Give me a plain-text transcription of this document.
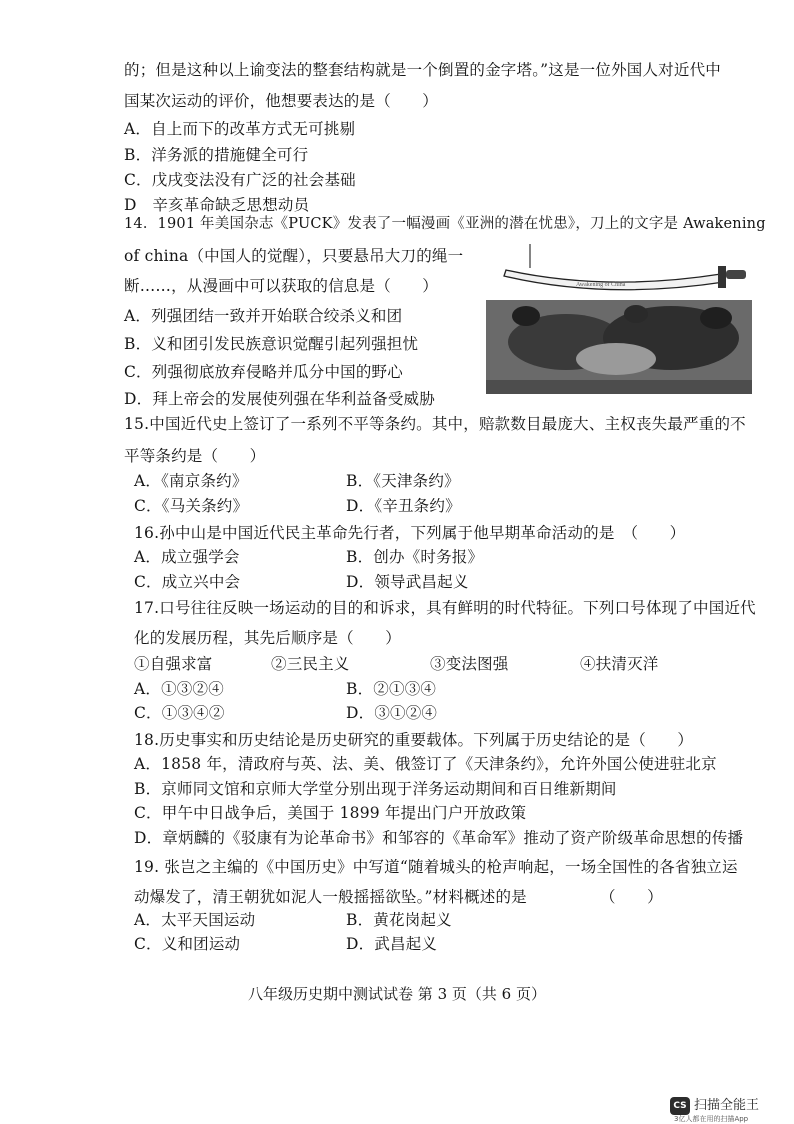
的；但是这种以上谕变法的整套结构就是一个倒置的金字塔。”这是一位外国人对近代中
国某次运动的评价，他想要表达的是（　　）
A．自上而下的改革方式无可挑剔
B．洋务派的措施健全可行
C．戊戌变法没有广泛的社会基础
D　辛亥革命缺乏思想动员
14．1901 年美国杂志《PUCK》发表了一幅漫画《亚洲的潜在忧患》，刀上的文字是 Awakening
of china（中国人的觉醒），只要悬吊大刀的绳一
断……，从漫画中可以获取的信息是（　　）
A．列强团结一致并开始联合绞杀义和团
B．义和团引发民族意识觉醒引起列强担忧
C．列强彻底放弃侵略并瓜分中国的野心
D．拜上帝会的发展使列强在华利益备受威胁
Awakening of China
15.中国近代史上签订了一系列不平等条约。其中，赔款数目最庞大、主权丧失最严重的不
平等条约是（　　）
A．《南京条约》	B．《天津条约》
C．《马关条约》	D．《辛丑条约》
16.孙中山是中国近代民主革命先行者，下列属于他早期革命活动的是　（　　）
A．成立强学会	B．创办《时务报》
C．成立兴中会	D．领导武昌起义
17.口号往往反映一场运动的目的和诉求，具有鲜明的时代特征。下列口号体现了中国近代
化的发展历程，其先后顺序是（　　）
①自强求富	②三民主义	③变法图强	④扶清灭洋
A．①③②④	B．②①③④
C．①③④②	D．③①②④
18.历史事实和历史结论是历史研究的重要载体。下列属于历史结论的是（　　）
A．1858 年，清政府与英、法、美、俄签订了《天津条约》，允许外国公使进驻北京
B．京师同文馆和京师大学堂分别出现于洋务运动期间和百日维新期间
C．甲午中日战争后，美国于 1899 年提出门户开放政策
D．章炳麟的《驳康有为论革命书》和邹容的《革命军》推动了资产阶级革命思想的传播
19. 张岂之主编的《中国历史》中写道“随着城头的枪声响起，一场全国性的各省独立运
动爆发了，清王朝犹如泥人一般摇摇欲坠。”材料概述的是	（　　）
A．太平天国运动	B．黄花岗起义
C．义和团运动	D．武昌起义
八年级历史期中测试试卷 第 3 页（共 6 页）
CS 扫描全能王
3亿人都在用的扫描App
